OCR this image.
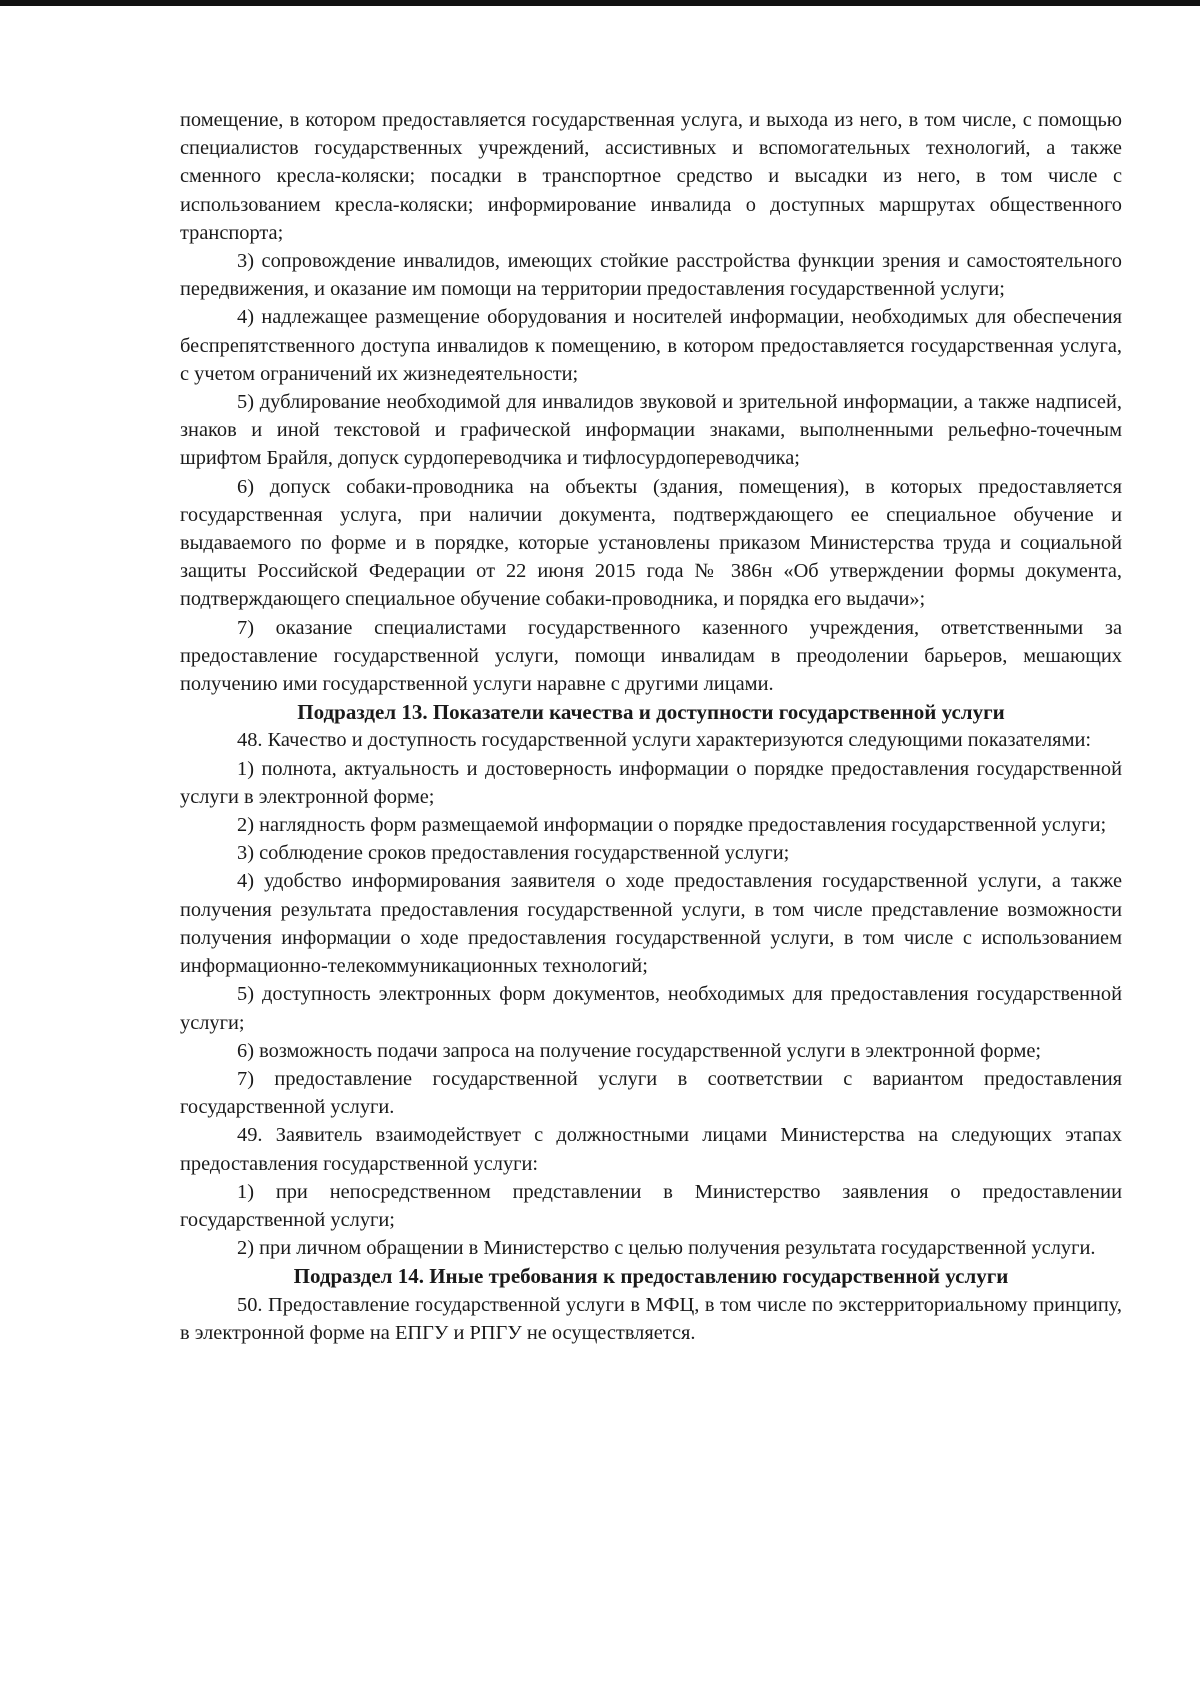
помещение, в котором предоставляется государственная услуга, и выхода из него, в том числе, с помощью специалистов государственных учреждений, ассистивных и вспомогательных технологий, а также сменного кресла-коляски; посадки в транспортное средство и высадки из него, в том числе с использованием кресла-коляски; информирование инвалида о доступных маршрутах общественного транспорта;

3) сопровождение инвалидов, имеющих стойкие расстройства функции зрения и самостоятельного передвижения, и оказание им помощи на территории предоставления государственной услуги;

4) надлежащее размещение оборудования и носителей информации, необходимых для обеспечения беспрепятственного доступа инвалидов к помещению, в котором предоставляется государственная услуга, с учетом ограничений их жизнедеятельности;

5) дублирование необходимой для инвалидов звуковой и зрительной информации, а также надписей, знаков и иной текстовой и графической информации знаками, выполненными рельефно-точечным шрифтом Брайля, допуск сурдопереводчика и тифлосурдопереводчика;

6) допуск собаки-проводника на объекты (здания, помещения), в которых предоставляется государственная услуга, при наличии документа, подтверждающего ее специальное обучение и выдаваемого по форме и в порядке, которые установлены приказом Министерства труда и социальной защиты Российской Федерации от 22 июня 2015 года № 386н «Об утверждении формы документа, подтверждающего специальное обучение собаки-проводника, и порядка его выдачи»;

7) оказание специалистами государственного казенного учреждения, ответственными за предоставление государственной услуги, помощи инвалидам в преодолении барьеров, мешающих получению ими государственной услуги наравне с другими лицами.

Подраздел 13. Показатели качества и доступности государственной услуги

48. Качество и доступность государственной услуги характеризуются следующими показателями:

1) полнота, актуальность и достоверность информации о порядке предоставления государственной услуги в электронной форме;

2) наглядность форм размещаемой информации о порядке предоставления государственной услуги;

3) соблюдение сроков предоставления государственной услуги;

4) удобство информирования заявителя о ходе предоставления государственной услуги, а также получения результата предоставления государственной услуги, в том числе представление возможности получения информации о ходе предоставления государственной услуги, в том числе с использованием информационно-телекоммуникационных технологий;

5) доступность электронных форм документов, необходимых для предоставления государственной услуги;

6) возможность подачи запроса на получение государственной услуги в электронной форме;

7) предоставление государственной услуги в соответствии с вариантом предоставления государственной услуги.

49. Заявитель взаимодействует с должностными лицами Министерства на следующих этапах предоставления государственной услуги:

1) при непосредственном представлении в Министерство заявления о предоставлении государственной услуги;

2) при личном обращении в Министерство с целью получения результата государственной услуги.

Подраздел 14. Иные требования к предоставлению государственной услуги

50. Предоставление государственной услуги в МФЦ, в том числе по экстерриториальному принципу, в электронной форме на ЕПГУ и РПГУ не осуществляется.
